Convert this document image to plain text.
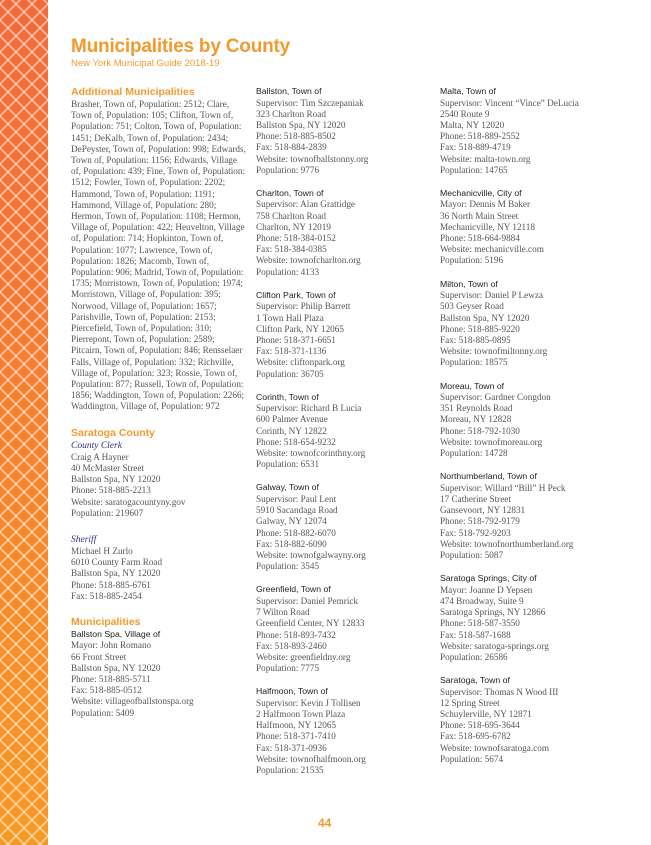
Municipalities by County
New York Municipal Guide 2018-19
Additional Municipalities

Brasher, Town of, Population: 2512; Clare, Town of, Population: 105; Clifton, Town of, Population: 751; Colton, Town of, Population: 1451; DeKalb, Town of, Population: 2434; DePeyster, Town of, Population: 998; Edwards, Town of, Population: 1156; Edwards, Village of, Population: 439; Fine, Town of, Population: 1512; Fowler, Town of, Population: 2202; Hammond, Town of, Population: 1191; Hammond, Village of, Population: 280; Hermon, Town of, Population: 1108; Hermon, Village of, Population: 422; Heuvelton, Village of, Population: 714; Hopkinton, Town of, Population: 1077; Lawrence, Town of, Population: 1826; Macomb, Town of, Population: 906; Madrid, Town of, Population: 1735; Morristown, Town of, Population: 1974; Morristown, Village of, Population: 395; Norwood, Village of, Population: 1657; Parishville, Town of, Population: 2153; Piercefield, Town of, Population: 310; Pierrepont, Town of, Population: 2589; Pitcairn, Town of, Population: 846; Rensselaer Falls, Village of, Population: 332; Richville, Village of, Population: 323; Rossie, Town of, Population: 877; Russell, Town of, Population: 1856; Waddington, Town of, Population: 2266; Waddington, Village of, Population: 972

Saratoga County

County Clerk

Craig A Hayner
40 McMaster Street
Ballston Spa, NY 12020
Phone: 518-885-2213
Website: saratogacountyny.gov
Population: 219607

Sheriff

Michael H Zurlo
6010 County Farm Road
Ballston Spa, NY 12020
Phone: 518-885-6761
Fax: 518-885-2454
Municipalities
Ballston Spa, Village of
Mayor: John Romano
66 Front Street
Ballston Spa, NY 12020
Phone: 518-885-5711
Fax: 518-885-0512
Website: villageofballstonspa.org
Population: 5409
Ballston, Town of
Supervisor: Tim Szczepaniak
323 Charlton Road
Ballston Spa, NY 12020
Phone: 518-885-8502
Fax: 518-884-2839
Website: townofballstonny.org
Population: 9776
Charlton, Town of
Supervisor: Alan Grattidge
758 Charlton Road
Charlton, NY 12019
Phone: 518-384-0152
Fax: 518-384-0385
Website: townofcharlton.org
Population: 4133
Clifton Park, Town of
Supervisor: Philip Barrett
1 Town Hall Plaza
Clifton Park, NY 12065
Phone: 518-371-6651
Fax: 518-371-1136
Website: cliftonpark.org
Population: 36705
Corinth, Town of
Supervisor: Richard B Lucia
600 Palmer Avenue
Corinth, NY 12822
Phone: 518-654-9232
Website: townofcorinthny.org
Population: 6531
Galway, Town of
Supervisor: Paul Lent
5910 Sacandaga Road
Galway, NY 12074
Phone: 518-882-6070
Fax: 518-882-6090
Website: townofgalwayny.org
Population: 3545
Greenfield, Town of
Supervisor: Daniel Pemrick
7 Wilton Road
Greenfield Center, NY 12833
Phone: 518-893-7432
Fax: 518-893-2460
Website: greenfieldny.org
Population: 7775
Halfmoon, Town of
Supervisor: Kevin J Tollisen
2 Halfmoon Town Plaza
Halfmoon, NY 12065
Phone: 518-371-7410
Fax: 518-371-0936
Website: townofhalfmoon.org
Population: 21535
Malta, Town of
Supervisor: Vincent “Vince” DeLucia
2540 Route 9
Malta, NY 12020
Phone: 518-889-2552
Fax: 518-889-4719
Website: malta-town.org
Population: 14765
Mechanicville, City of
Mayor: Dennis M Baker
36 North Main Street
Mechanicville, NY 12118
Phone: 518-664-9884
Website: mechanicville.com
Population: 5196
Milton, Town of
Supervisor: Daniel P Lewza
503 Geyser Road
Ballston Spa, NY 12020
Phone: 518-885-9220
Fax: 518-885-0895
Website: townofmiltonny.org
Population: 18575
Moreau, Town of
Supervisor: Gardner Congdon
351 Reynolds Road
Moreau, NY 12828
Phone: 518-792-1030
Website: townofmoreau.org
Population: 14728
Northumberland, Town of
Supervisor: Willard “Bill” H Peck
17 Catherine Street
Gansevoort, NY 12831
Phone: 518-792-9179
Fax: 518-792-9203
Website: townofnorthumberland.org
Population: 5087
Saratoga Springs, City of
Mayor: Joanne D Yepsen
474 Broadway, Suite 9
Saratoga Springs, NY 12866
Phone: 518-587-3550
Fax: 518-587-1688
Website: saratoga-springs.org
Population: 26586
Saratoga, Town of
Supervisor: Thomas N Wood III
12 Spring Street
Schuylerville, NY 12871
Phone: 518-695-3644
Fax: 518-695-6782
Website: townofsaratoga.com
Population: 5674
44
